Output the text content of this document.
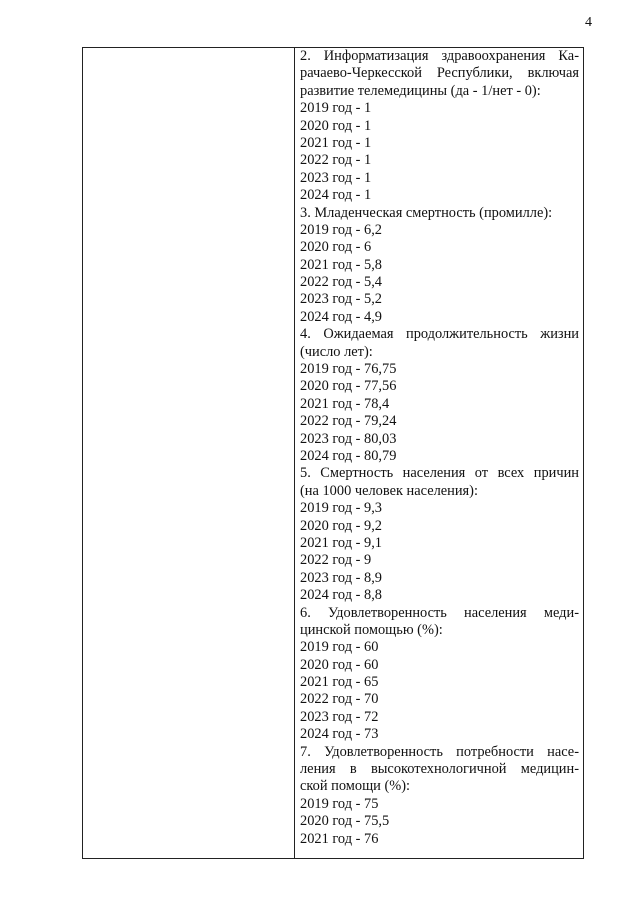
4
2. Информатизация здравоохранения Ка-
рачаево-Черкесской Республики, включая
развитие телемедицины (да - 1/нет - 0):
2019 год - 1
2020 год - 1
2021 год - 1
2022 год - 1
2023 год - 1
2024 год - 1
3. Младенческая смертность (промилле):
2019 год - 6,2
2020 год - 6
2021 год - 5,8
2022 год - 5,4
2023 год - 5,2
2024 год - 4,9
4. Ожидаемая продолжительность жизни
(число лет):
2019 год - 76,75
2020 год - 77,56
2021 год - 78,4
2022 год - 79,24
2023 год - 80,03
2024 год - 80,79
5. Смертность населения от всех причин
(на 1000 человек населения):
2019 год - 9,3
2020 год - 9,2
2021 год - 9,1
2022 год - 9
2023 год - 8,9
2024 год - 8,8
6. Удовлетворенность населения меди-
цинской помощью (%):
2019 год - 60
2020 год - 60
2021 год - 65
2022 год - 70
2023 год - 72
2024 год - 73
7. Удовлетворенность потребности насе-
ления в высокотехнологичной медицин-
ской помощи (%):
2019 год - 75
2020 год - 75,5
2021 год - 76
